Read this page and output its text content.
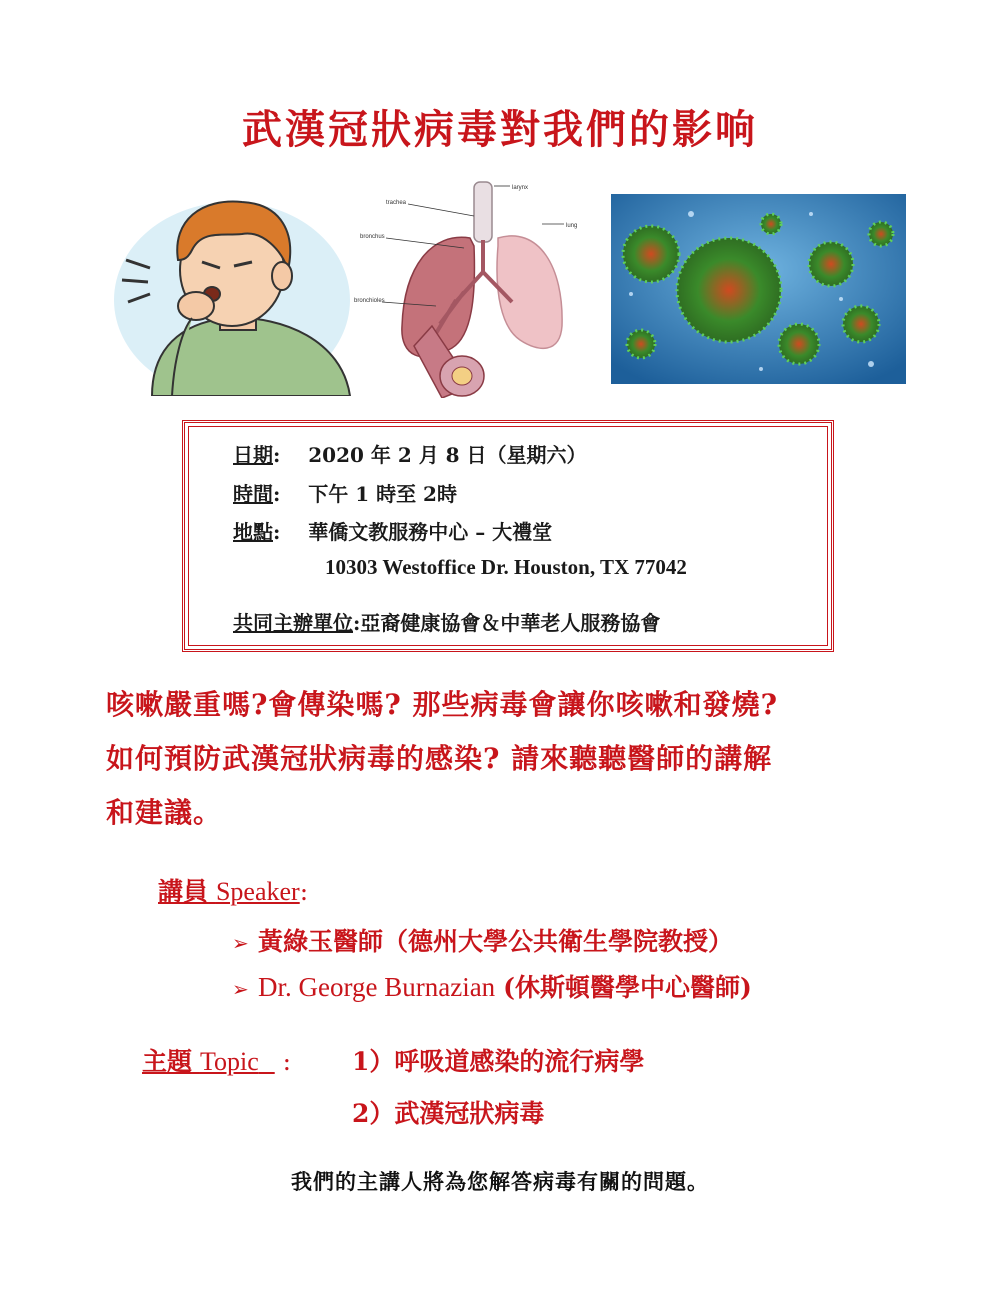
武漢冠狀病毒對我們的影响
larynx
trachea
bronchus
lung
bronchioles
日期:    2020 年 2 月 8 日（星期六）
時間:    下午 1 時至 2時
地點:    華僑文教服務中心 – 大禮堂
10303 Westoffice Dr. Houston, TX 77042
共同主辦單位:亞裔健康協會＆中華老人服務協會
咳嗽嚴重嗎?會傳染嗎? 那些病毒會讓你咳嗽和發燒?
如何預防武漢冠狀病毒的感染? 請來聽聽醫師的講解
和建議。
講員 Speaker:
➢ 黃綠玉醫師（德州大學公共衛生學院教授）
➢ Dr. George Burnazian (休斯頓醫學中心醫師)
主題 Topic   : 1）呼吸道感染的流行病學
2）武漢冠狀病毒
我們的主講人將為您解答病毒有關的問題。
